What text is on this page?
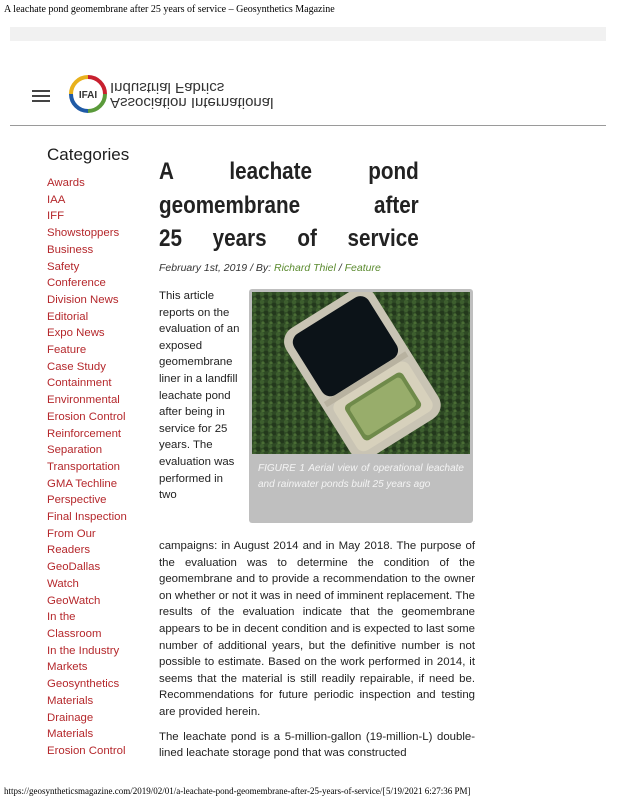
A leachate pond geomembrane after 25 years of service – Geosynthetics Magazine
IFAI Association International
Industrial Fabrics
Categories
Awards
IAA
IFF
Showstoppers
Business
Safety
Conference
Division News
Editorial
Expo News
Feature
Case Study
Containment
Environmental
Erosion Control
Reinforcement
Separation
Transportation
GMA Techline
Perspective
Final Inspection
From Our
Readers
GeoDallas
Watch
GeoWatch
In the
Classroom
In the Industry
Markets
Geosynthetics
Materials
Drainage
Materials
Erosion Control
A leachate pond
geomembrane after
25 years of service
February 1st, 2019 / By: Richard Thiel / Feature

This article reports on the evaluation of an exposed geomembrane liner in a landfill leachate pond after being in service for 25 years. The evaluation was performed in two

FIGURE 1 Aerial view of operational leachate and rainwater ponds built 25 years ago

campaigns: in August 2014 and in May 2018. The purpose of the evaluation was to determine the condition of the geomembrane and to provide a recommendation to the owner on whether or not it was in need of imminent replacement. The results of the evaluation indicate that the geomembrane appears to be in decent condition and is expected to last some number of additional years, but the definitive number is not possible to estimate. Based on the work performed in 2014, it seems that the material is still readily repairable, if need be. Recommendations for future periodic inspection and testing are provided herein.

The leachate pond is a 5-million-gallon (19-million-L) double-lined leachate storage pond that was constructed

https://geosyntheticsmagazine.com/2019/02/01/a-leachate-pond-geomembrane-after-25-years-of-service/[ 5/19/2021 6:27:36 PM]
